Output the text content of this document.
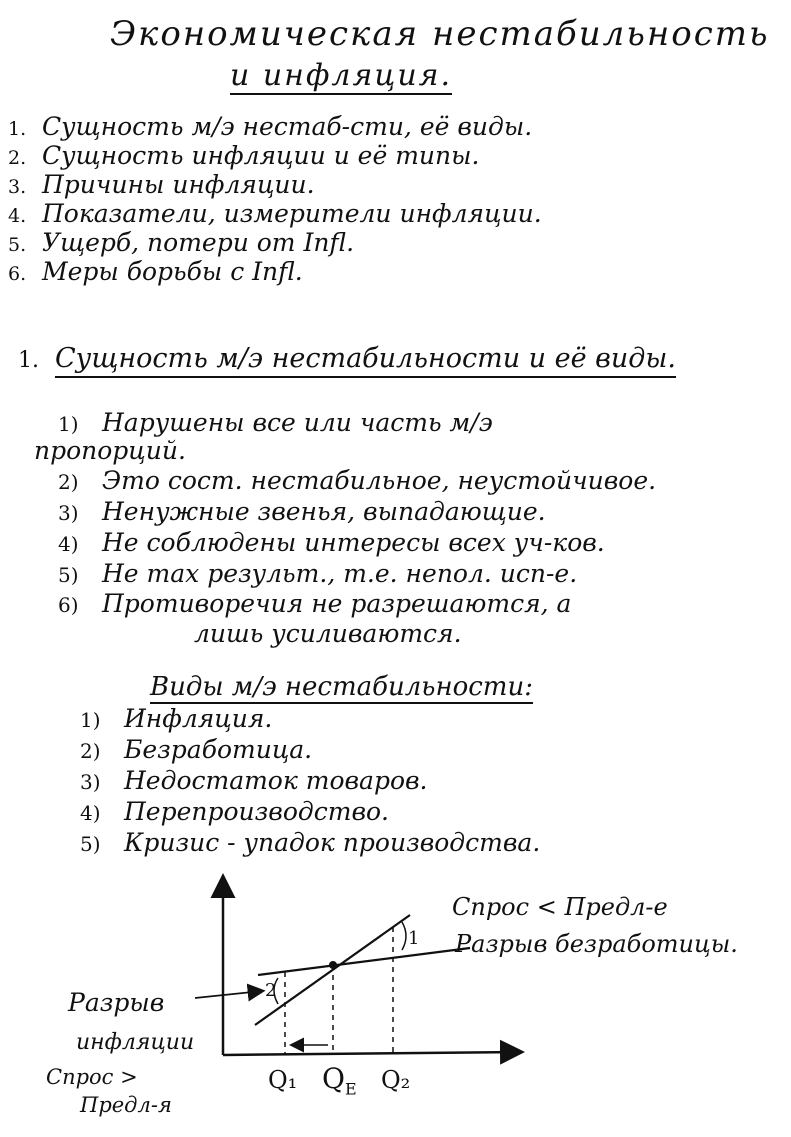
Экономическая нестабильность
и инфляция.
1. Сущность м/э нестаб-сти, её виды.
2. Сущность инфляции и её типы.
3. Причины инфляции.
4. Показатели, измерители инфляции.
5. Ущерб, потери от Infl.
6. Меры борьбы с Infl.
1. Сущность м/э нестабильности и её виды.
1) Нарушены все или часть м/э
пропорций.
2) Это сост. нестабильное, неустойчивое.
3) Ненужные звенья, выпадающие.
4) Не соблюдены интересы всех уч-ков.
5) Не max результ., т.е. непол. исп-е.
6) Противоречия не разрешаются, а
лишь усиливаются.
Виды м/э нестабильности:
1) Инфляция.
2) Безработица.
3) Недостаток товаров.
4) Перепроизводство.
5) Кризис - упадок производства.
Спрос < Предл-е
Разрыв безработицы.
Разрыв
инфляции
Спрос >
Предл-я
2
1
Q₁ $Q_E$ Q₂
